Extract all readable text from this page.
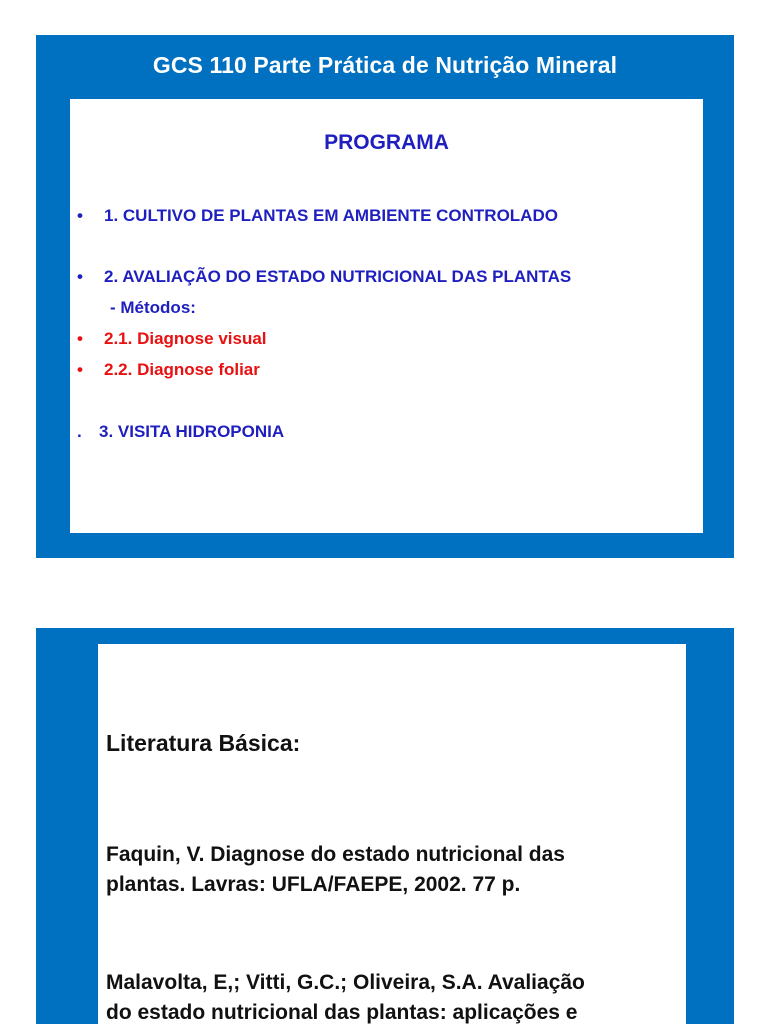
GCS 110 Parte Prática de Nutrição Mineral
PROGRAMA
• 1. CULTIVO DE PLANTAS EM AMBIENTE CONTROLADO
• 2. AVALIAÇÃO DO ESTADO NUTRICIONAL DAS PLANTAS
- Métodos:
• 2.1. Diagnose visual
• 2.2. Diagnose foliar
. 3. VISITA HIDROPONIA
Literatura Básica:
Faquin, V. Diagnose do estado nutricional das
plantas. Lavras: UFLA/FAEPE, 2002. 77 p.
Malavolta, E,; Vitti, G.C.; Oliveira, S.A. Avaliação
do estado nutricional das plantas: aplicações e
